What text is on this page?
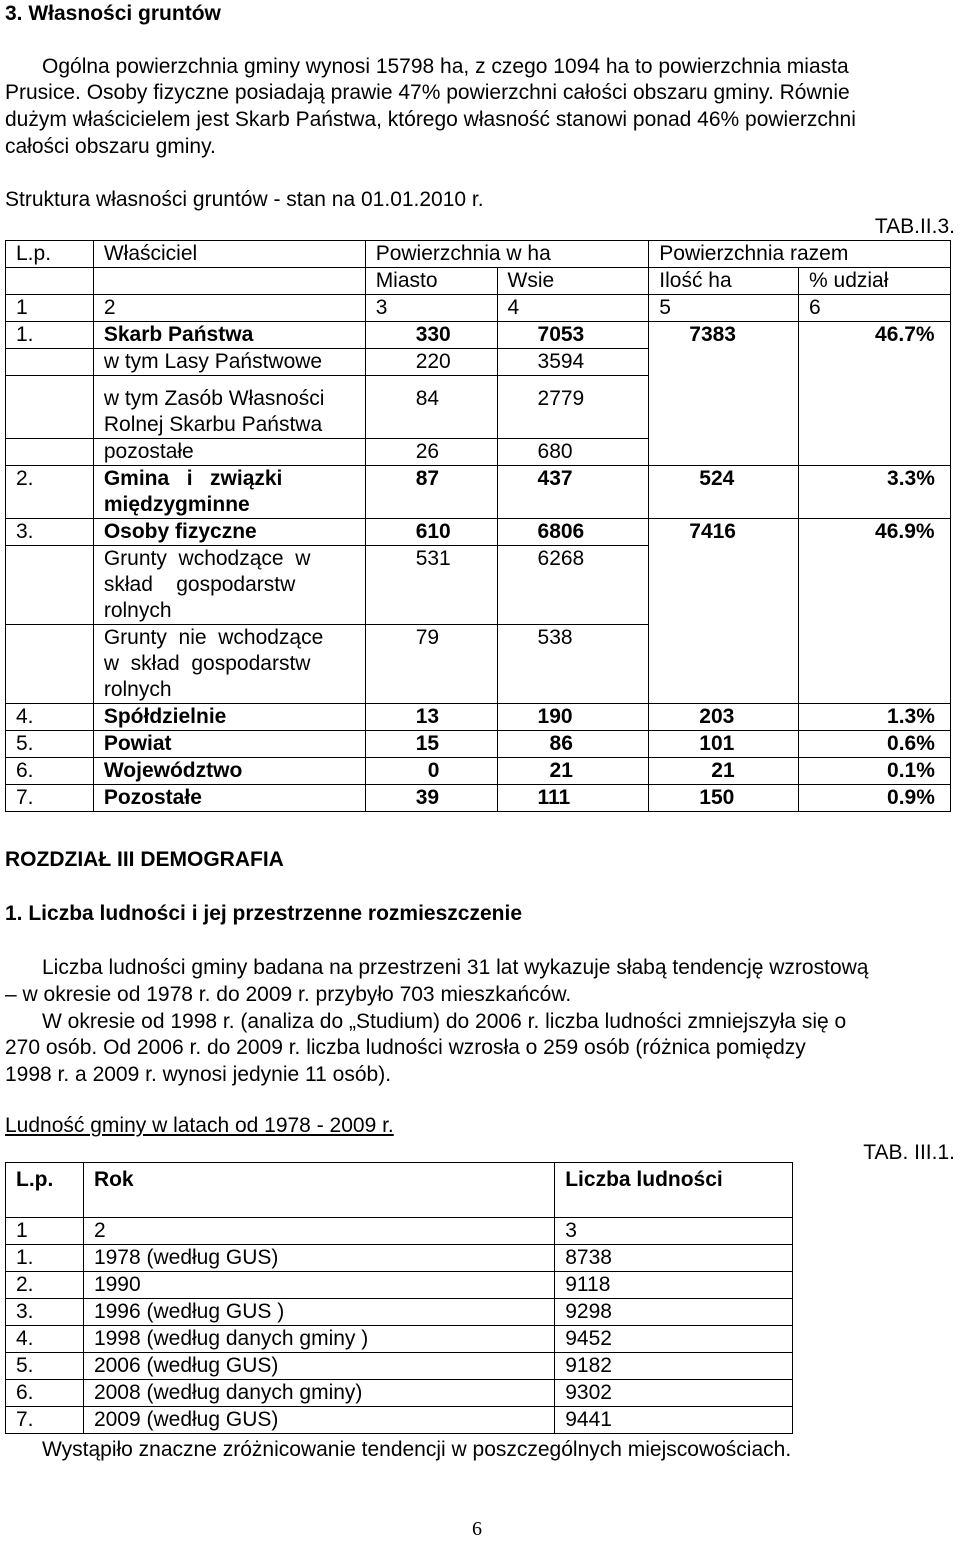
3. Własności gruntów
Ogólna powierzchnia gminy wynosi 15798 ha, z czego 1094 ha to powierzchnia miasta
Prusice. Osoby fizyczne posiadają prawie 47% powierzchni całości obszaru gminy. Równie
dużym właścicielem jest Skarb Państwa, którego własność stanowi ponad 46% powierzchni
całości obszaru gminy.
Struktura własności gruntów - stan na 01.01.2010 r.
TAB.II.3.
L.p.	Właściciel	Powierzchnia w ha		Powierzchnia razem	
		Miasto	Wsie	Ilość ha	% udział
1	2	3	4	5	6
1.	Skarb Państwa	330	7053	7383	46.7%
	w tym Lasy Państwowe	220	3594		

	w tym Zasób Własności
Rolnej Skarbu Państwa	84	2779		
	pozostałe	26	680		
2.	Gmina   i   związki
międzygminne	87	437	524	3.3%
3.	Osoby fizyczne	610	6806	7416	46.9%

	Grunty  wchodzące  w
skład    gospodarstw
rolnych	531	6268		

	Grunty  nie  wchodzące
w  skład  gospodarstw
rolnych	79	538		
4.	Spółdzielnie	13	190	203	1.3%
5.	Powiat	15	86	101	0.6%
6.	Województwo	0	21	21	0.1%
7.	Pozostałe	39	111	150	0.9%
ROZDZIAŁ III DEMOGRAFIA
1. Liczba ludności i jej przestrzenne rozmieszczenie
Liczba ludności gminy badana na przestrzeni 31 lat wykazuje słabą tendencję wzrostową
– w okresie od 1978 r. do 2009 r. przybyło 703 mieszkańców.
W okresie od 1998 r. (analiza do „Studium) do 2006 r. liczba ludności zmniejszyła się o
270 osób. Od 2006 r. do 2009 r. liczba ludności wzrosła o 259 osób (różnica pomiędzy
1998 r. a 2009 r. wynosi jedynie 11 osób).
Ludność gminy w latach od 1978 - 2009 r.
TAB. III.1.
L.p.	Rok	Liczba ludności
1	2	3
1.	1978 (według GUS)	8738
2.	1990	9118
3.	1996 (według GUS )	9298
4.	1998 (według danych gminy )	9452
5.	2006 (według GUS)	9182
6.	2008 (według danych gminy)	9302
7.	2009 (według GUS)	9441
Wystąpiło znaczne zróżnicowanie tendencji w poszczególnych miejscowościach.
6
